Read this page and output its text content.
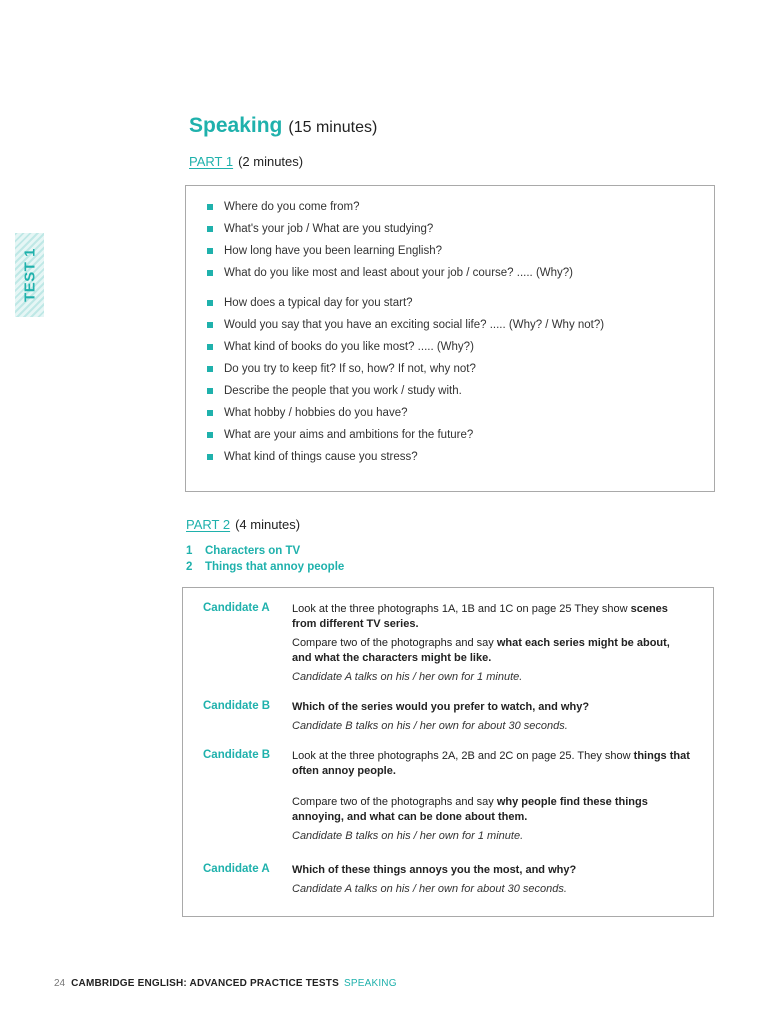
TEST 1
Speaking (15 minutes)
PART 1 (2 minutes)
Where do you come from?
What's your job / What are you studying?
How long have you been learning English?
What do you like most and least about your job / course? ..... (Why?)
How does a typical day for you start?
Would you say that you have an exciting social life? ..... (Why? / Why not?)
What kind of books do you like most? ..... (Why?)
Do you try to keep fit? If so, how? If not, why not?
Describe the people that you work / study with.
What hobby / hobbies do you have?
What are your aims and ambitions for the future?
What kind of things cause you stress?
PART 2 (4 minutes)
1 Characters on TV
2 Things that annoy people
Candidate A Look at the three photographs 1A, 1B and 1C on page 25 They show scenes from different TV series.

Compare two of the photographs and say what each series might be about, and what the characters might be like.

Candidate A talks on his / her own for 1 minute.

Candidate B Which of the series would you prefer to watch, and why?

Candidate B talks on his / her own for about 30 seconds.

Candidate B Look at the three photographs 2A, 2B and 2C on page 25. They show things that often annoy people.

Compare two of the photographs and say why people find these things annoying, and what can be done about them.

Candidate B talks on his / her own for 1 minute.

Candidate A Which of these things annoys you the most, and why?

Candidate A talks on his / her own for about 30 seconds.

24 CAMBRIDGE ENGLISH: ADVANCED PRACTICE TESTS SPEAKING
